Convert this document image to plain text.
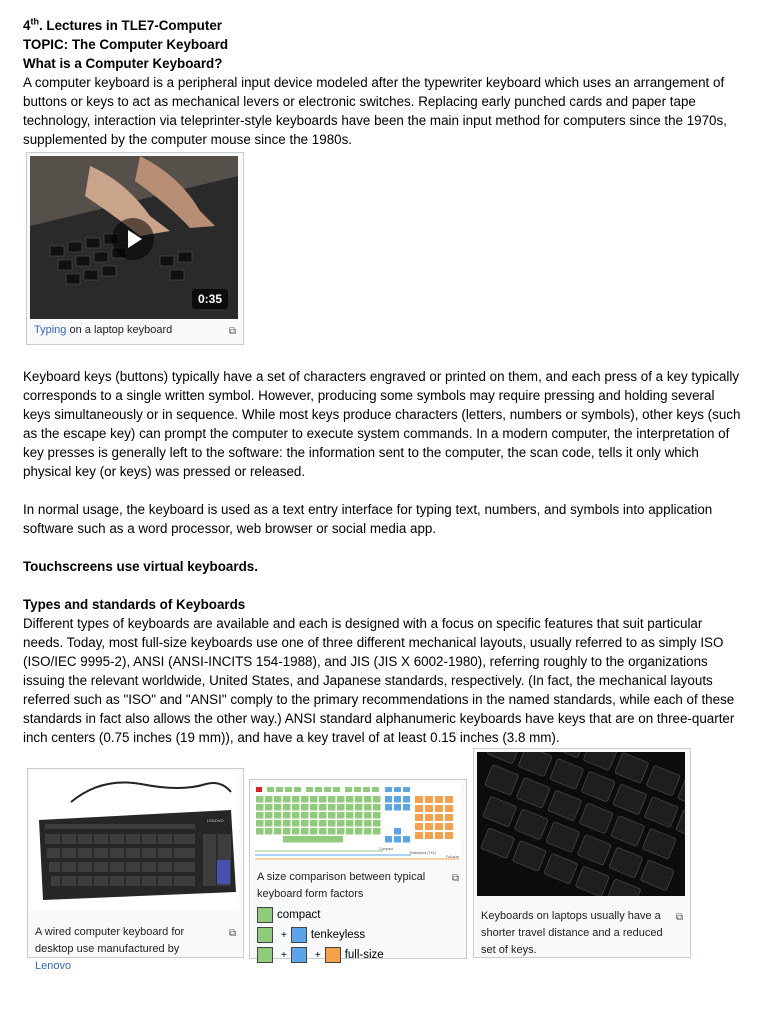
4th. Lectures in TLE7-Computer

TOPIC: The Computer Keyboard

What is a Computer Keyboard?

A computer keyboard is a peripheral input device modeled after the typewriter keyboard which uses an arrangement of buttons or keys to act as mechanical levers or electronic switches. Replacing early punched cards and paper tape technology, interaction via teleprinter-style keyboards have been the main input method for computers since the 1970s, supplemented by the computer mouse since the 1980s.

0:35
Typing on a laptop keyboard	⧉

Keyboard keys (buttons) typically have a set of characters engraved or printed on them, and each press of a key typically corresponds to a single written symbol. However, producing some symbols may require pressing and holding several keys simultaneously or in sequence. While most keys produce characters (letters, numbers or symbols), other keys (such as the escape key) can prompt the computer to execute system commands. In a modern computer, the interpretation of key presses is generally left to the software: the information sent to the computer, the scan code, tells it only which physical key (or keys) was pressed or released.

In normal usage, the keyboard is used as a text entry interface for typing text, numbers, and symbols into application software such as a word processor, web browser or social media app.

Touchscreens use virtual keyboards.

Types and standards of Keyboards

Different types of keyboards are available and each is designed with a focus on specific features that suit particular needs. Today, most full-size keyboards use one of three different mechanical layouts, usually referred to as simply ISO (ISO/IEC 9995-2), ANSI (ANSI-INCITS 154-1988), and JIS (JIS X 6002-1980), referring roughly to the organizations issuing the relevant worldwide, United States, and Japanese standards, respectively. (In fact, the mechanical layouts referred such as "ISO" and "ANSI" comply to the primary recommendations in the named standards, while each of these standards in fact also allows the other way.) ANSI standard alphanumeric keyboards have keys that are on three-quarter inch centers (0.75 inches (19 mm)), and have a key travel of at least 0.15 inches (3.8 mm).

LENOVO
A wired computer keyboard for desktop use manufactured by Lenovo
⧉
Compact
Tenkeyless (TKL)
Full-size
A size comparison between typical keyboard form factors
⧉
compact
+ tenkeyless
+	+ full-size
Keyboards on laptops usually have a shorter travel distance and a reduced set of keys.
⧉
